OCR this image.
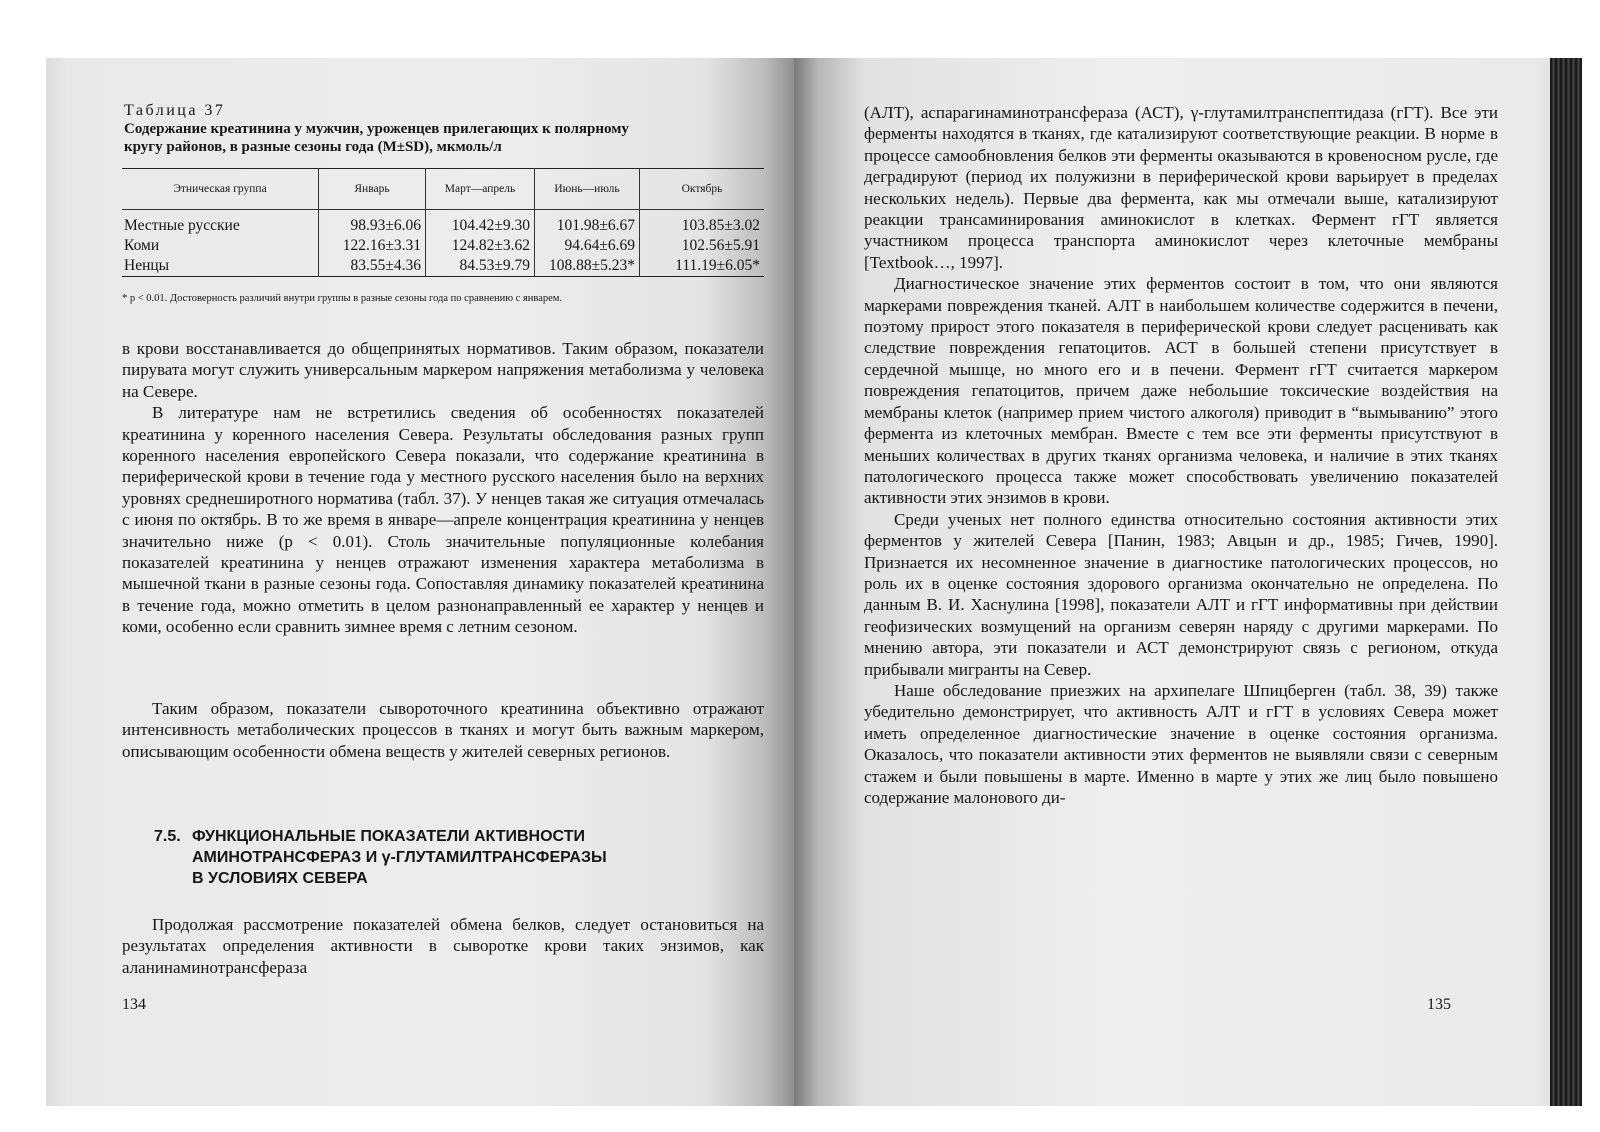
Таблица 37
Содержание креатинина у мужчин, уроженцев прилегающих к полярному
кругу районов, в разные сезоны года (M±SD), мкмоль/л
Этническая группа	Январь	Март—апрель	Июнь—июль	Октябрь

Местные русские	98.93±6.06	104.42±9.30	101.98±6.67	103.85±3.02
Коми	122.16±3.31	124.82±3.62	94.64±6.69	102.56±5.91
Ненцы	83.55±4.36	84.53±9.79	108.88±5.23*	111.19±6.05*
* p < 0.01. Достоверность различий внутри группы в разные сезоны года по сравнению с январем.

в крови восстанавливается до общепринятых нормативов. Таким образом, показатели пирувата могут служить универсальным маркером напряжения метаболизма у человека на Севере.

В литературе нам не встретились сведения об особенностях показателей креатинина у коренного населения Севера. Результаты обследования разных групп коренного населения европейского Севера показали, что содержание креатинина в периферической крови в течение года у местного русского населения было на верхних уровнях среднеширотного норматива (табл. 37). У ненцев такая же ситуация отмечалась с июня по октябрь. В то же время в январе—апреле концентрация креатинина у ненцев значительно ниже (p < 0.01). Столь значительные популяционные колебания показателей креатинина у ненцев отражают изменения характера метаболизма в мышечной ткани в разные сезоны года. Сопоставляя динамику показателей креатинина в течение года, можно отметить в целом разнонаправленный ее характер у ненцев и коми, особенно если сравнить зимнее время с летним сезоном.

Таким образом, показатели сывороточного креатинина объективно отражают интенсивность метаболических процессов в тканях и могут быть важным маркером, описывающим особенности обмена веществ у жителей северных регионов.

7.5. ФУНКЦИОНАЛЬНЫЕ ПОКАЗАТЕЛИ АКТИВНОСТИ
АМИНОТРАНСФЕРАЗ И γ-ГЛУТАМИЛТРАНСФЕРАЗЫ
В УСЛОВИЯХ СЕВЕРА

Продолжая рассмотрение показателей обмена белков, следует остановиться на результатах определения активности в сыворотке крови таких энзимов, как аланинаминотрансфераза

134

(АЛТ), аспарагинаминотрансфераза (АСТ), γ-глутамилтранспептидаза (гГТ). Все эти ферменты находятся в тканях, где катализируют соответствующие реакции. В норме в процессе самообновления белков эти ферменты оказываются в кровеносном русле, где деградируют (период их полужизни в периферической крови варьирует в пределах нескольких недель). Первые два фермента, как мы отмечали выше, катализируют реакции трансаминирования аминокислот в клетках. Фермент гГТ является участником процесса транспорта аминокислот через клеточные мембраны [Textbook…, 1997].

Диагностическое значение этих ферментов состоит в том, что они являются маркерами повреждения тканей. АЛТ в наибольшем количестве содержится в печени, поэтому прирост этого показателя в периферической крови следует расценивать как следствие повреждения гепатоцитов. АСТ в большей степени присутствует в сердечной мышце, но много его и в печени. Фермент гГТ считается маркером повреждения гепатоцитов, причем даже небольшие токсические воздействия на мембраны клеток (например прием чистого алкоголя) приводит в “вымыванию” этого фермента из клеточных мембран. Вместе с тем все эти ферменты присутствуют в меньших количествах в других тканях организма человека, и наличие в этих тканях патологического процесса также может способствовать увеличению показателей активности этих энзимов в крови.

Среди ученых нет полного единства относительно состояния активности этих ферментов у жителей Севера [Панин, 1983; Авцын и др., 1985; Гичев, 1990]. Признается их несомненное значение в диагностике патологических процессов, но роль их в оценке состояния здорового организма окончательно не определена. По данным В. И. Хаснулина [1998], показатели АЛТ и гГТ информативны при действии геофизических возмущений на организм северян наряду с другими маркерами. По мнению автора, эти показатели и АСТ демонстрируют связь с регионом, откуда прибывали мигранты на Север.

Наше обследование приезжих на архипелаге Шпицберген (табл. 38, 39) также убедительно демонстрирует, что активность АЛТ и гГТ в условиях Севера может иметь определенное диагностические значение в оценке состояния организма. Оказалось, что показатели активности этих ферментов не выявляли связи с северным стажем и были повышены в марте. Именно в марте у этих же лиц было повышено содержание малонового ди-

135
